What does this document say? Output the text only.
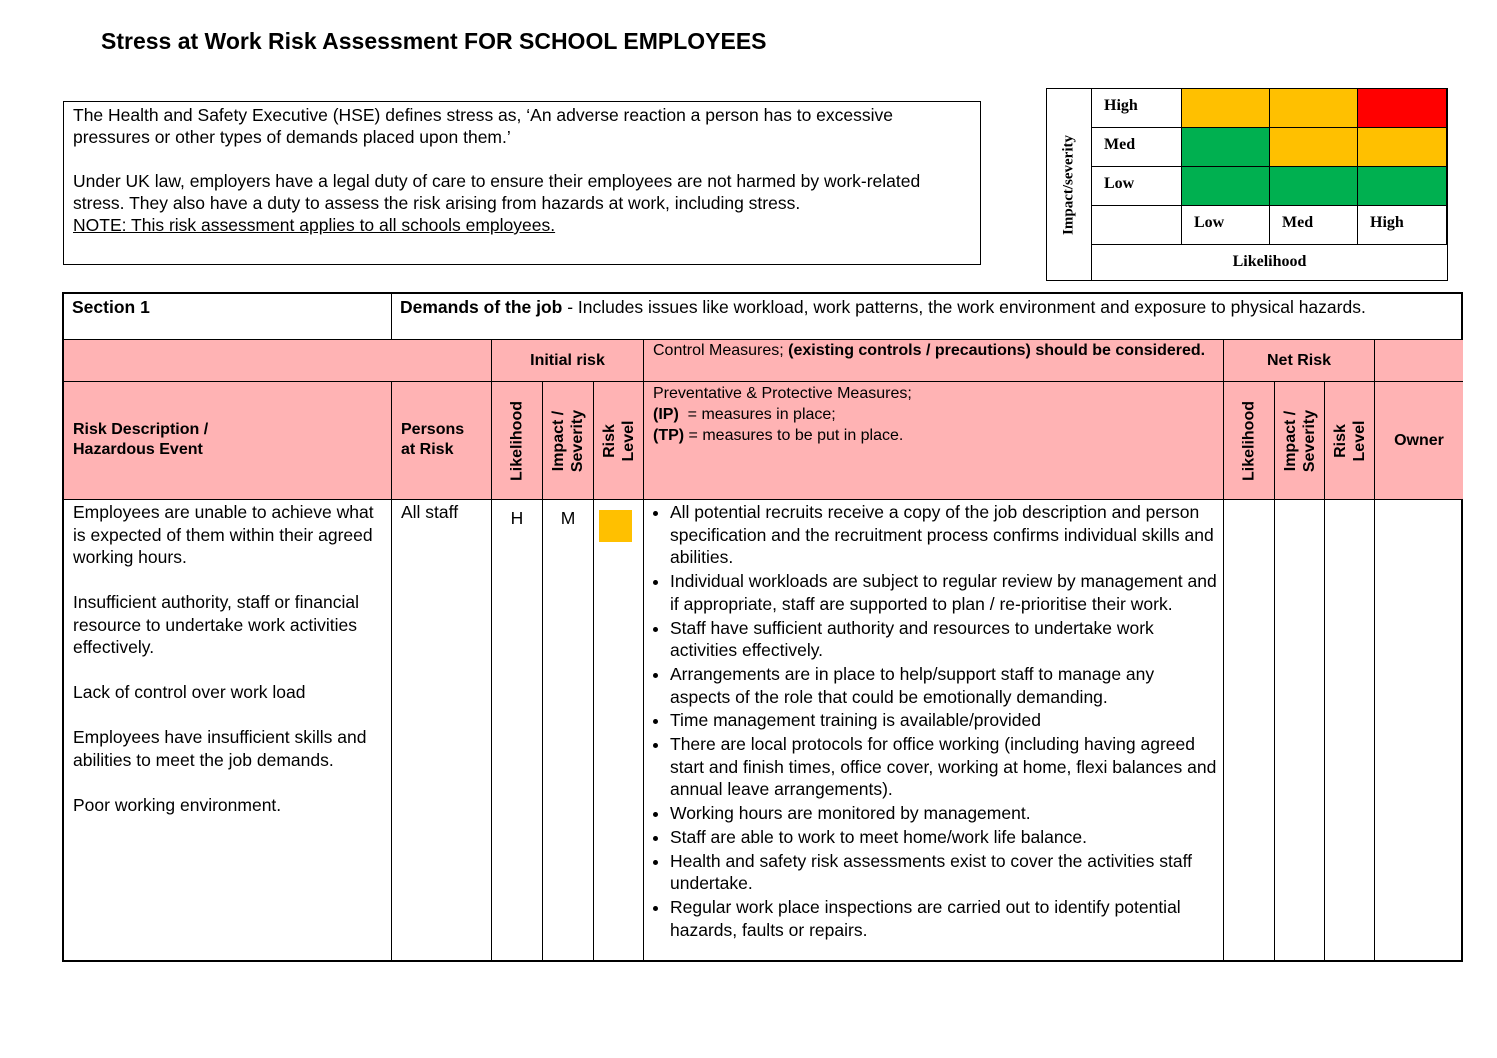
Stress at Work Risk Assessment FOR SCHOOL EMPLOYEES

The Health and Safety Executive (HSE) defines stress as, ‘An adverse reaction a person has to excessive pressures or other types of demands placed upon them.’

Under UK law, employers have a legal duty of care to ensure their employees are not harmed by work-related stress. They also have a duty to assess the risk arising from hazards at work, including stress.

NOTE: This risk assessment applies to all schools employees.	Impact/severity
High
Med
Low
Low	Med	High
Likelihood
Section 1	Demands of the job - Includes issues like workload, work patterns, the work environment and exposure to physical hazards.
Initial risk
Control Measures; (existing controls / precautions) should be considered.
Net Risk
Risk Description /
Hazardous Event
Persons
at Risk	Likelihood Impact / Severity Risk Level
Preventative & Protective Measures;
(IP)  = measures in place;
(TP) = measures to be put in place.	Likelihood Impact / Severity Risk Level	Owner

Employees are unable to achieve what is expected of them within their agreed working hours.

Insufficient authority, staff or financial resource to undertake work activities effectively.

Lack of control over work load

Employees have insufficient skills and abilities to meet the job demands.

Poor working environment.

All staff	H	M
•	All potential recruits receive a copy of the job description and person specification and the recruitment process confirms individual skills and abilities.
• Individual workloads are subject to regular review by management and if appropriate, staff are supported to plan / re-prioritise their work.
• Staff have sufficient authority and resources to undertake work activities effectively.
• Arrangements are in place to help/support staff to manage any aspects of the role that could be emotionally demanding.
• Time management training is available/provided
• There are local protocols for office working (including having agreed start and finish times, office cover, working at home, flexi balances and annual leave arrangements).
• Working hours are monitored by management.
• Staff are able to work to meet home/work life balance.
• Health and safety risk assessments exist to cover the activities staff undertake.
• Regular work place inspections are carried out to identify potential hazards, faults or repairs.
